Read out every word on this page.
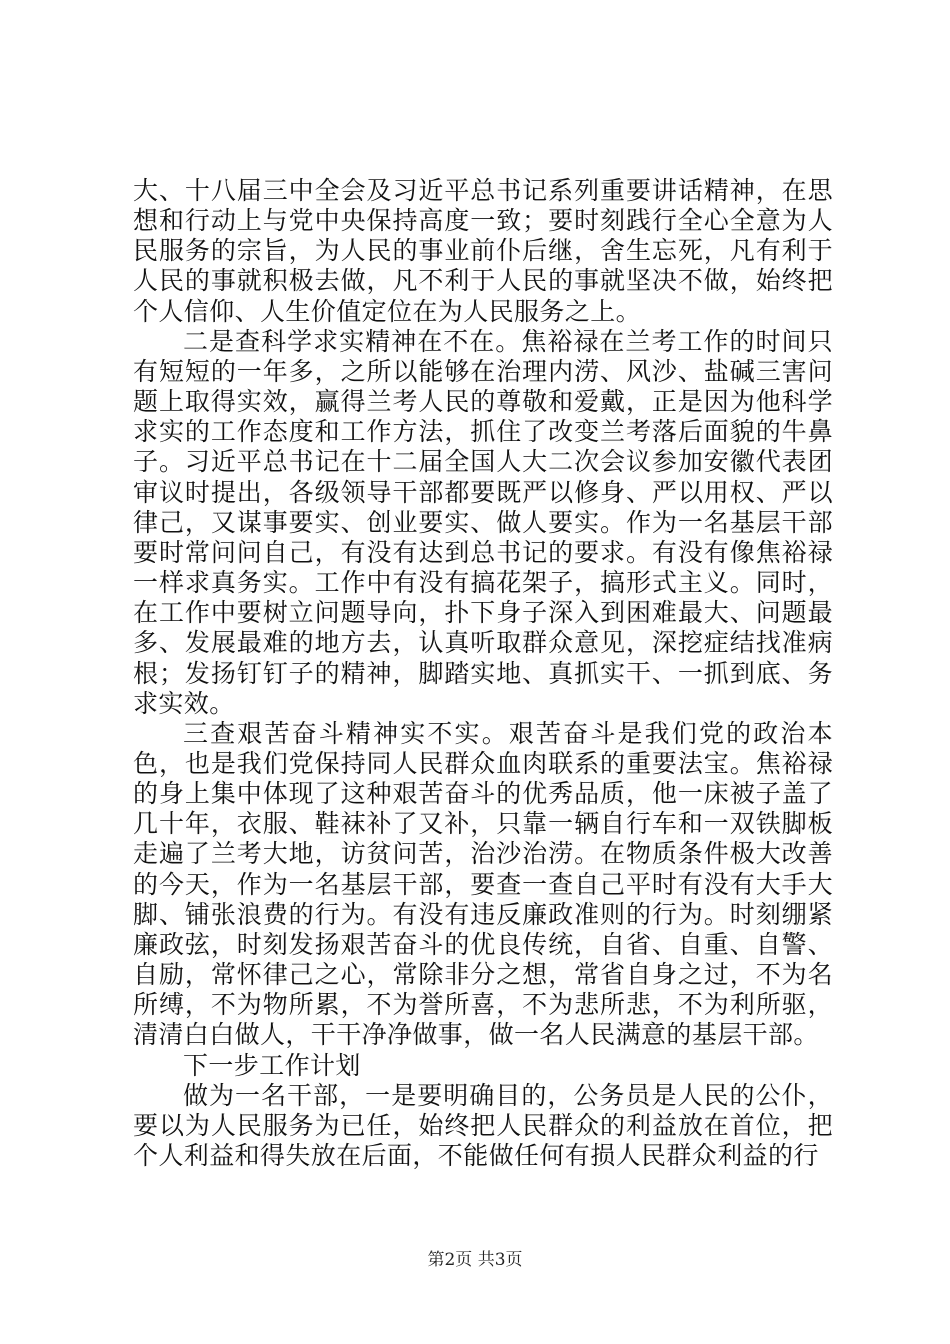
大、十八届三中全会及习近平总书记系列重要讲话精神，在思想和行动上与党中央保持高度一致；要时刻践行全心全意为人民服务的宗旨，为人民的事业前仆后继，舍生忘死，凡有利于人民的事就积极去做，凡不利于人民的事就坚决不做，始终把个人信仰、人生价值定位在为人民服务之上。

二是查科学求实精神在不在。焦裕禄在兰考工作的时间只有短短的一年多，之所以能够在治理内涝、风沙、盐碱三害问题上取得实效，赢得兰考人民的尊敬和爱戴，正是因为他科学求实的工作态度和工作方法，抓住了改变兰考落后面貌的牛鼻子。习近平总书记在十二届全国人大二次会议参加安徽代表团审议时提出，各级领导干部都要既严以修身、严以用权、严以律己，又谋事要实、创业要实、做人要实。作为一名基层干部要时常问问自己，有没有达到总书记的要求。有没有像焦裕禄一样求真务实。工作中有没有搞花架子，搞形式主义。同时，在工作中要树立问题导向，扑下身子深入到困难最大、问题最多、发展最难的地方去，认真听取群众意见，深挖症结找准病根；发扬钉钉子的精神，脚踏实地、真抓实干、一抓到底、务求实效。

三查艰苦奋斗精神实不实。艰苦奋斗是我们党的政治本色，也是我们党保持同人民群众血肉联系的重要法宝。焦裕禄的身上集中体现了这种艰苦奋斗的优秀品质，他一床被子盖了几十年，衣服、鞋袜补了又补，只靠一辆自行车和一双铁脚板走遍了兰考大地，访贫问苦，治沙治涝。在物质条件极大改善的今天，作为一名基层干部，要查一查自己平时有没有大手大脚、铺张浪费的行为。有没有违反廉政准则的行为。时刻绷紧廉政弦，时刻发扬艰苦奋斗的优良传统，自省、自重、自警、自励，常怀律己之心，常除非分之想，常省自身之过，不为名所缚，不为物所累，不为誉所喜，不为悲所悲，不为利所驱，清清白白做人，干干净净做事，做一名人民满意的基层干部。

下一步工作计划

做为一名干部，一是要明确目的，公务员是人民的公仆，要以为人民服务为已任，始终把人民群众的利益放在首位，把个人利益和得失放在后面，不能做任何有损人民群众利益的行

第2页 共3页
